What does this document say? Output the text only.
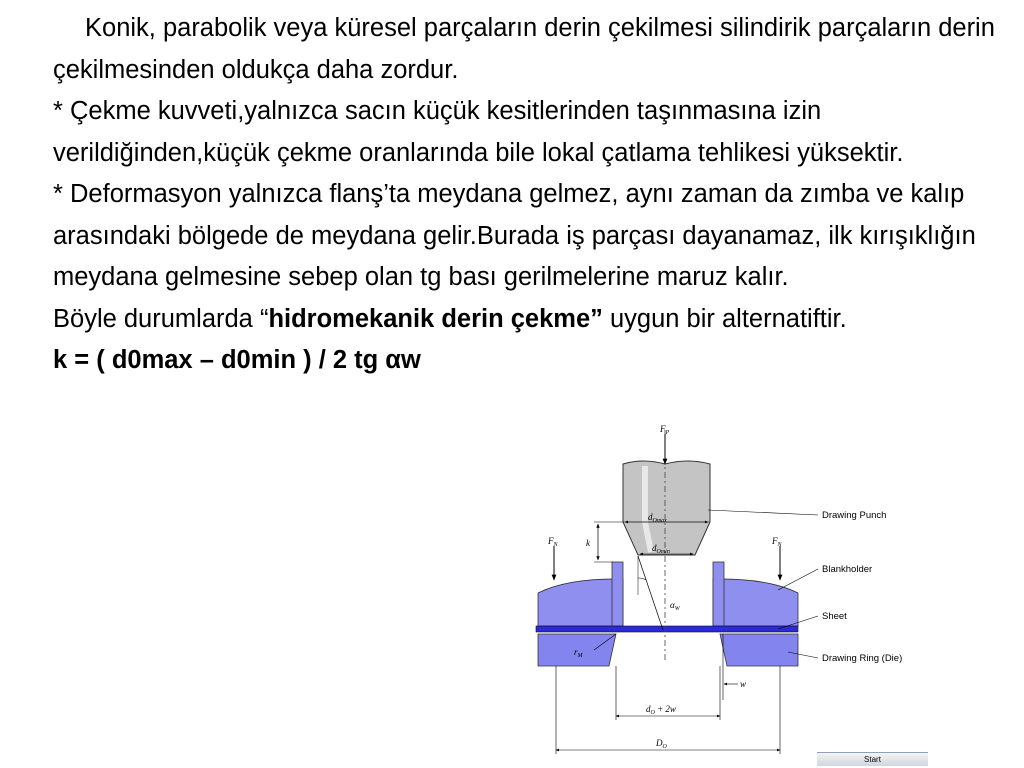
Konik, parabolik veya küresel parçaların derin çekilmesi silindirik parçaların derin çekilmesinden oldukça daha zordur.

* Çekme kuvveti,yalnızca sacın küçük kesitlerinden taşınmasına izin verildiğinden,küçük çekme oranlarında bile lokal çatlama tehlikesi yüksektir.

* Deformasyon yalnızca flanş’ta meydana gelmez, aynı zaman da zımba ve kalıp arasındaki bölgede de meydana gelir.Burada iş parçası dayanamaz, ilk kırışıklığın meydana gelmesine sebep olan tg bası gerilmelerine maruz kalır.

Böyle durumlarda “hidromekanik derin çekme” uygun bir alternatiftir.

k = ( d0max – d0min ) / 2 tg αw

$F_P$
$F_N$	$F_N$
k
$d_{Omax}$
$d_{Omin}$
$\alpha_W$
$r_M$
w
$d_O + 2w$
$D_O$
Drawing Punch
Blankholder
Sheet
Drawing Ring (Die)
Start
